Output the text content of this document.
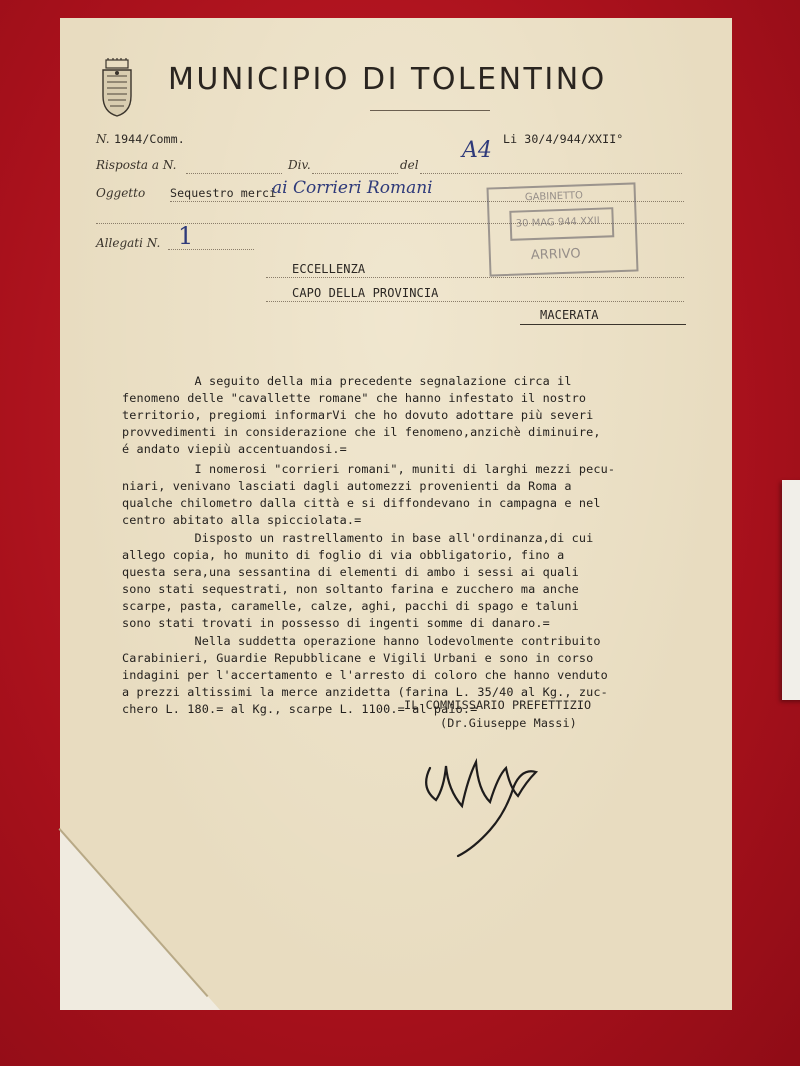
MUNICIPIO DI TOLENTINO
N. 1944/Comm.	Li 30/4/944/XXII°
A4
Risposta a N.	Div.	del
Oggetto Sequestro merci
ai Corrieri Romani
Allegati N. 1
GABINETTO
30 MAG 944 XXII
ARRIVO
ECCELLENZA
CAPO DELLA PROVINCIA
MACERATA
A seguito della mia precedente segnalazione circa il
fenomeno delle "cavallette romane" che hanno infestato il nostro
territorio, pregiomi informarVi che ho dovuto adottare più severi
provvedimenti in considerazione che il fenomeno,anzichè diminuire,
é andato viepiù accentuandosi.=
I nomerosi "corrieri romani", muniti di larghi mezzi pecu-
niari, venivano lasciati dagli automezzi provenienti da Roma a
qualche chilometro dalla città e si diffondevano in campagna e nel
centro abitato alla spicciolata.=
Disposto un rastrellamento in base all'ordinanza,di cui
allego copia, ho munito di foglio di via obbligatorio, fino a
questa sera,una sessantina di elementi di ambo i sessi ai quali
sono stati sequestrati, non soltanto farina e zucchero ma anche
scarpe, pasta, caramelle, calze, aghi, pacchi di spago e taluni
sono stati trovati in possesso di ingenti somme di danaro.=
Nella suddetta operazione hanno lodevolmente contribuito
Carabinieri, Guardie Repubblicane e Vigili Urbani e sono in corso
indagini per l'accertamento e l'arresto di coloro che hanno venduto
a prezzi altissimi la merce anzidetta (farina L. 35/40 al Kg., zuc-
chero L. 180.= al Kg., scarpe L. 1100.= al paio.=
IL COMMISSARIO PREFETTIZIO
(Dr.Giuseppe Massi)
